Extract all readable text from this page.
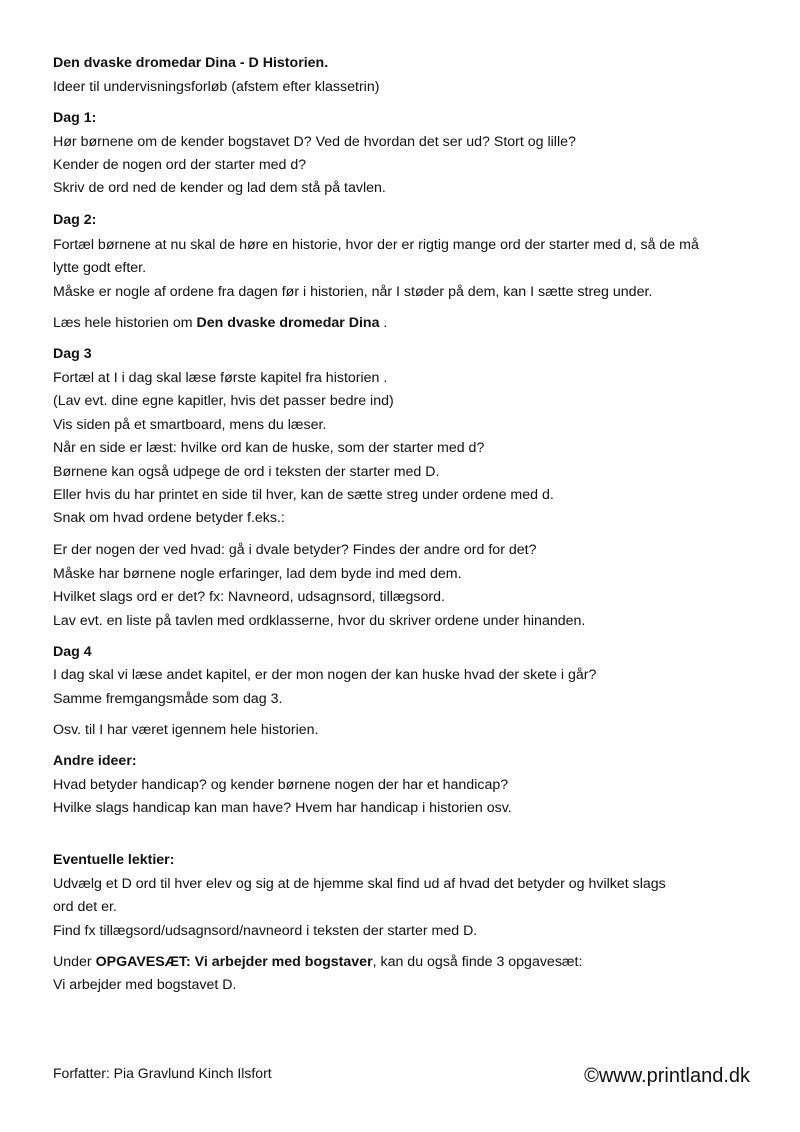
Den dvaske dromedar Dina - D Historien.

Ideer til undervisningsforløb (afstem efter klassetrin)

Dag 1:

Hør børnene om de kender bogstavet D? Ved de hvordan det ser ud? Stort og lille?

Kender de nogen ord der starter med d?

Skriv de ord ned de kender og lad dem stå på tavlen.

Dag 2:

Fortæl børnene at nu skal de høre en historie, hvor der er rigtig mange ord der starter med d, så de må

lytte godt efter.

Måske er nogle af ordene fra dagen før i historien, når I støder på dem, kan I sætte streg under.

Læs hele historien om Den dvaske dromedar Dina .

Dag 3

Fortæl at I i dag skal læse første kapitel fra historien .

(Lav evt. dine egne kapitler, hvis det passer bedre ind)

Vis siden på et smartboard, mens du læser.

Når en side er læst: hvilke ord kan de huske, som der starter med d?

Børnene kan også udpege de ord i teksten der starter med D.

Eller hvis du har printet en side til hver, kan de sætte streg under ordene med d.

Snak om hvad ordene betyder f.eks.:

Er der nogen der ved hvad: gå i dvale betyder? Findes der andre ord for det?

Måske har børnene nogle erfaringer, lad dem byde ind med dem.

Hvilket slags ord er det? fx: Navneord, udsagnsord, tillægsord.

Lav evt. en liste på tavlen med ordklasserne, hvor du skriver ordene under hinanden.

Dag 4

I dag skal vi læse andet kapitel, er der mon nogen der kan huske hvad der skete i går?

Samme fremgangsmåde som dag 3.

Osv. til I har været igennem hele historien.

Andre ideer:

Hvad betyder handicap? og kender børnene nogen der har et handicap?

Hvilke slags handicap kan man have? Hvem har handicap i historien osv.

Eventuelle lektier:

Udvælg et D ord til hver elev og sig at de hjemme skal find ud af hvad det betyder og hvilket slags

ord det er.

Find fx tillægsord/udsagnsord/navneord i teksten der starter med D.

Under OPGAVESÆT: Vi arbejder med bogstaver, kan du også finde 3 opgavesæt:

Vi arbejder med bogstavet D.

Forfatter: Pia Gravlund Kinch Ilsfort	©www.printland.dk
